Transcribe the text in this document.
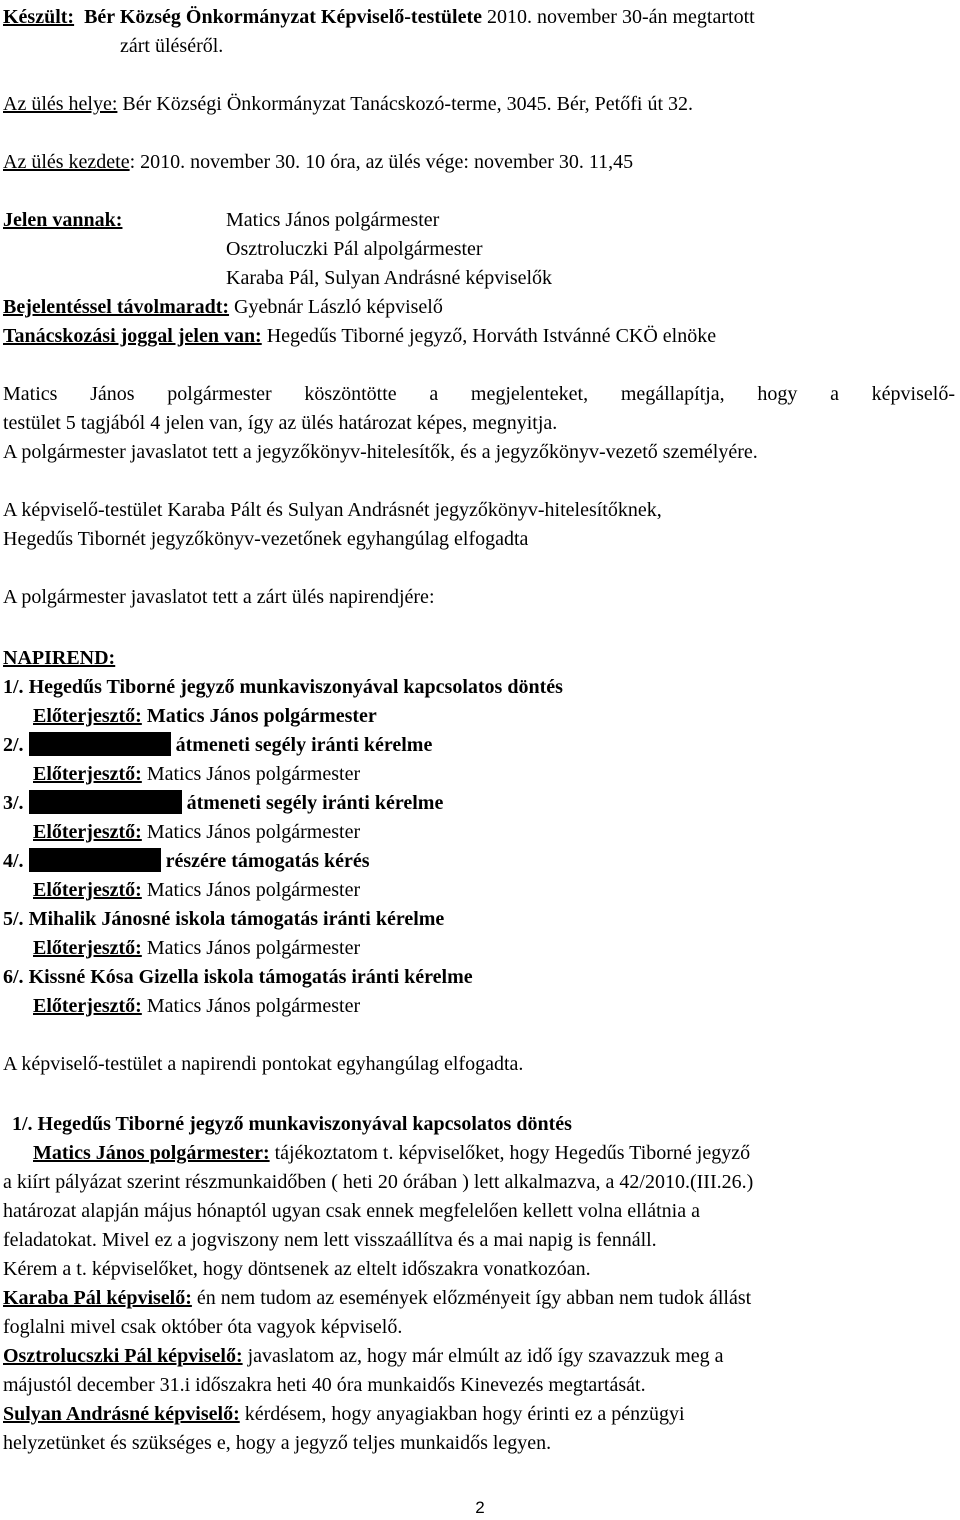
Készült: Bér Község Önkormányzat Képviselő-testülete 2010. november 30-án megtartott
zárt üléséről.
Az ülés helye: Bér Községi Önkormányzat Tanácskozó-terme, 3045. Bér, Petőfi út 32.
Az ülés kezdete: 2010. november 30. 10 óra, az ülés vége: november 30. 11,45
Jelen vannak:	Matics János polgármester
Osztroluczki Pál alpolgármester
Karaba Pál, Sulyan Andrásné képviselők
Bejelentéssel távolmaradt: Gyebnár László képviselő
Tanácskozási joggal jelen van: Hegedűs Tiborné jegyző, Horváth Istvánné CKÖ elnöke
Matics János polgármester köszöntötte a megjelenteket, megállapítja, hogy a képviselő-
testület 5 tagjából 4 jelen van, így az ülés határozat képes, megnyitja.
A polgármester javaslatot tett a jegyzőkönyv-hitelesítők, és a jegyzőkönyv-vezető személyére.
A képviselő-testület Karaba Pált és Sulyan Andrásnét jegyzőkönyv-hitelesítőknek,
Hegedűs Tibornét jegyzőkönyv-vezetőnek egyhangúlag elfogadta
A polgármester javaslatot tett a zárt ülés napirendjére:
NAPIREND:
1/. Hegedűs Tiborné jegyző munkaviszonyával kapcsolatos döntés
Előterjesztő: Matics János polgármester
2/.	átmeneti segély iránti kérelme
Előterjesztő: Matics János polgármester
3/.	átmeneti segély iránti kérelme
Előterjesztő: Matics János polgármester
4/.	részére támogatás kérés
Előterjesztő: Matics János polgármester
5/. Mihalik Jánosné iskola támogatás iránti kérelme
Előterjesztő: Matics János polgármester
6/. Kissné Kósa Gizella iskola támogatás iránti kérelme
Előterjesztő: Matics János polgármester
A képviselő-testület a napirendi pontokat egyhangúlag elfogadta.
1/. Hegedűs Tiborné jegyző munkaviszonyával kapcsolatos döntés
Matics János polgármester: tájékoztatom t. képviselőket, hogy Hegedűs Tiborné jegyző
a kiírt pályázat szerint részmunkaidőben ( heti 20 órában ) lett alkalmazva, a 42/2010.(III.26.)
határozat alapján május hónaptól ugyan csak ennek megfelelően kellett volna ellátnia a
feladatokat. Mivel ez a jogviszony nem lett visszaállítva és a mai napig is fennáll.
Kérem a t. képviselőket, hogy döntsenek az eltelt időszakra vonatkozóan.
Karaba Pál képviselő: én nem tudom az események előzményeit így abban nem tudok állást
foglalni mivel csak október óta vagyok képviselő.
Osztrolucszki Pál képviselő: javaslatom az, hogy már elmúlt az idő így szavazzuk meg a
májustól december 31.i időszakra heti 40 óra munkaidős Kinevezés megtartását.
Sulyan Andrásné képviselő: kérdésem, hogy anyagiakban hogy érinti ez a pénzügyi
helyzetünket és szükséges e, hogy a jegyző teljes munkaidős legyen.
2
